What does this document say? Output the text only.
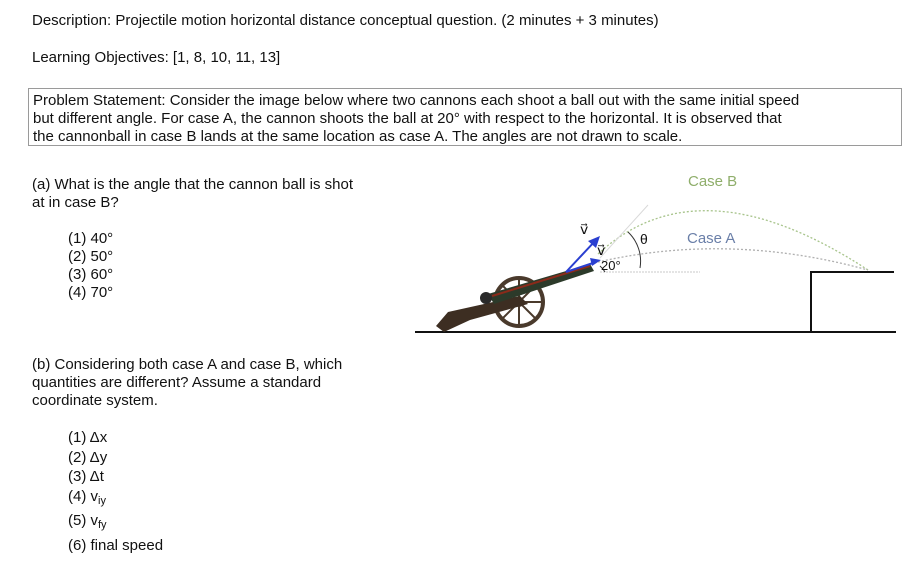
Description: Projectile motion horizontal distance conceptual question. (2 minutes + 3 minutes)
Learning Objectives: [1, 8, 10, 11, 13]
Problem Statement: Consider the image below where two cannons each shoot a ball out with the same initial speed
but different angle. For case A, the cannon shoots the ball at 20° with respect to the horizontal. It is observed that
the cannonball in case B lands at the same location as case A. The angles are not drawn to scale.
(a) What is the angle that the cannon ball is shot
at in case B?
(1) 40°
(2) 50°
(3) 60°
(4) 70°
(b) Considering both case A and case B, which
quantities are different? Assume a standard
coordinate system.
(1) Δx
(2) Δy
(3) Δt
(4) $v_{iy}$
(5) $v_{fy}$
(6) final speed
v⃗
v⃗
θ
20°
Case B
Case A
